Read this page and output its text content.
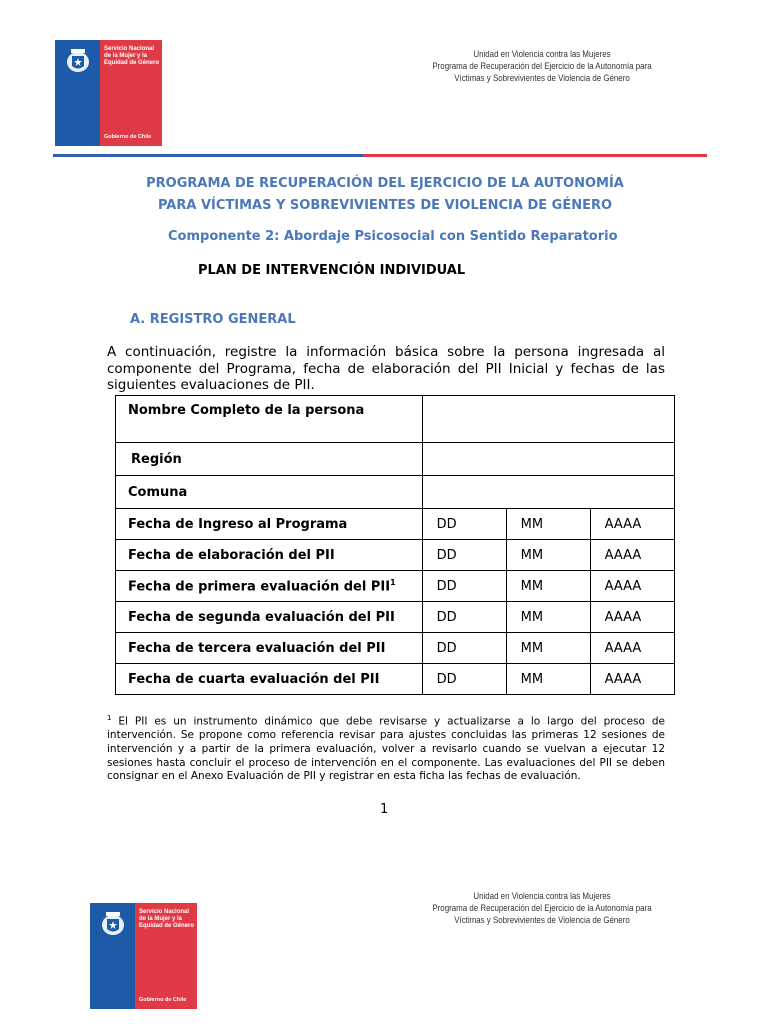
Servicio Nacional de la Mujer y la Equidad de Género
Gobierno de Chile
Unidad en Violencia contra las Mujeres
Programa de Recuperación del Ejercicio de la Autonomía para
Víctimas y Sobrevivientes de Violencia de Género
PROGRAMA DE RECUPERACIÓN DEL EJERCICIO DE LA AUTONOMÍA
PARA VÍCTIMAS Y SOBREVIVIENTES DE VIOLENCIA DE GÉNERO
Componente 2: Abordaje Psicosocial con Sentido Reparatorio
PLAN DE INTERVENCIÓN INDIVIDUAL
A. REGISTRO GENERAL
A continuación, registre la información básica sobre la persona ingresada al componente del Programa, fecha de elaboración del PII Inicial y fechas de las siguientes evaluaciones de PII.
Nombre Completo de la persona			
Región			
Comuna			
Fecha de Ingreso al Programa	DD	MM	AAAA
Fecha de elaboración del PII	DD	MM	AAAA
Fecha de primera evaluación del PII$^1$	DD	MM	AAAA
Fecha de segunda evaluación del PII	DD	MM	AAAA
Fecha de tercera evaluación del PII	DD	MM	AAAA
Fecha de cuarta evaluación del PII	DD	MM	AAAA
$^1$ El PII es un instrumento dinámico que debe revisarse y actualizarse a lo largo del proceso de intervención. Se propone como referencia revisar para ajustes concluidas las primeras 12 sesiones de intervención y a partir de la primera evaluación, volver a revisarlo cuando se vuelvan a ejecutar 12 sesiones hasta concluir el proceso de intervención en el componente. Las evaluaciones del PII se deben consignar en el Anexo Evaluación de PII y registrar en esta ficha las fechas de evaluación.
1
Servicio Nacional de la Mujer y la Equidad de Género
Gobierno de Chile
Unidad en Violencia contra las Mujeres
Programa de Recuperación del Ejercicio de la Autonomía para
Víctimas y Sobrevivientes de Violencia de Género
